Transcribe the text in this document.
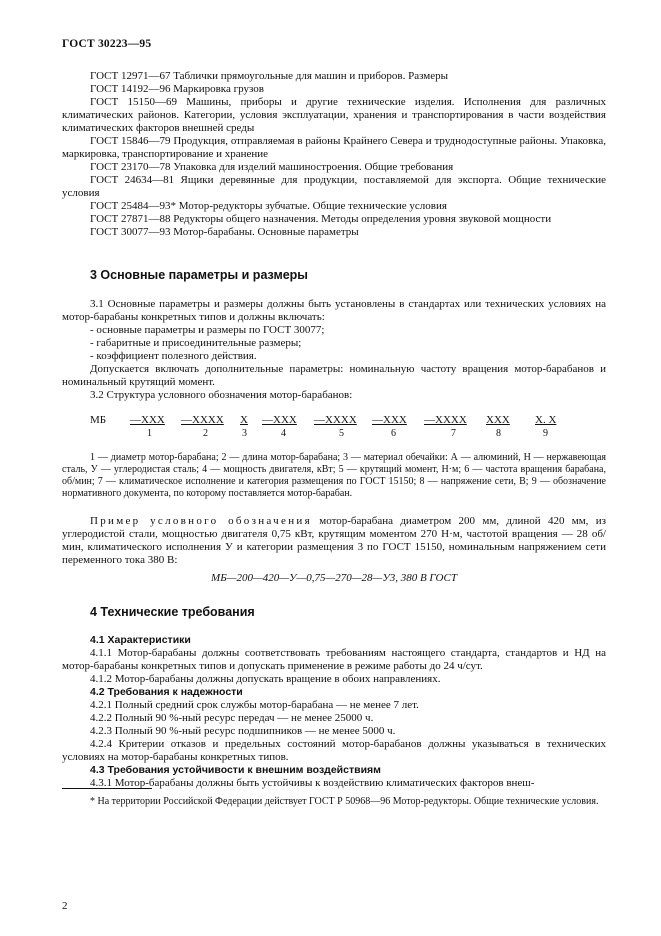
ГОСТ 30223—95

ГОСТ 12971—67 Таблички прямоугольные для машин и приборов. Размеры

ГОСТ 14192—96 Маркировка грузов

ГОСТ 15150—69 Машины, приборы и другие технические изделия. Исполнения для различных климатических районов. Категории, условия эксплуатации, хранения и транспортирования в части воздействия климатических факторов внешней среды

ГОСТ 15846—79 Продукция, отправляемая в районы Крайнего Севера и труднодоступные районы. Упаковка, маркировка, транспортирование и хранение

ГОСТ 23170—78 Упаковка для изделий машиностроения. Общие требования

ГОСТ 24634—81 Ящики деревянные для продукции, поставляемой для экспорта. Общие технические условия

ГОСТ 25484—93* Мотор-редукторы зубчатые. Общие технические условия

ГОСТ 27871—88 Редукторы общего назначения. Методы определения уровня звуковой мощности

ГОСТ 30077—93 Мотор-барабаны. Основные параметры

3 Основные параметры и размеры

3.1 Основные параметры и размеры должны быть установлены в стандартах или технических условиях на мотор-барабаны конкретных типов и должны включать:

- основные параметры и размеры по ГОСТ 30077;

- габаритные и присоединительные размеры;

- коэффициент полезного действия.

Допускается включать дополнительные параметры: номинальную частоту вращения мотор-барабанов и номинальный крутящий момент.

3.2 Структура условного обозначения мотор-барабанов:

МБ —XXX —XXXX X —XXX —XXXX —XXX —XXXX XXX X. X
1	2	3	4	5	6	7	8	9

1 — диаметр мотор-барабана; 2 — длина мотор-барабана; 3 — материал обечайки: А — алюминий, Н — нержавеющая сталь, У — углеродистая сталь; 4 — мощность двигателя, кВт; 5 — крутящий момент, Н·м; 6 — частота вращения барабана, об/мин; 7 — климатическое исполнение и категория размещения по ГОСТ 15150; 8 — напряжение сети, В; 9 — обозначение нормативного документа, по которому поставляется мотор-барабан.

Пример условного обозначения мотор-барабана диаметром 200 мм, длиной 420 мм, из углеродистой стали, мощностью двигателя 0,75 кВт, крутящим моментом 270 Н·м, частотой вращения — 28 об/мин, климатического исполнения У и категории размещения 3 по ГОСТ 15150, номинальным напряжением сети переменного тока 380 В:

МБ—200—420—У—0,75—270—28—У3, 380 В ГОСТ

4 Технические требования

4.1 Характеристики

4.1.1 Мотор-барабаны должны соответствовать требованиям настоящего стандарта, стандартов и НД на мотор-барабаны конкретных типов и допускать применение в режиме работы до 24 ч/сут.

4.1.2 Мотор-барабаны должны допускать вращение в обоих направлениях.

4.2 Требования к надежности

4.2.1 Полный средний срок службы мотор-барабана — не менее 7 лет.

4.2.2 Полный 90 %-ный ресурс передач — не менее 25000 ч.

4.2.3 Полный 90 %-ный ресурс подшипников — не менее 5000 ч.

4.2.4 Критерии отказов и предельных состояний мотор-барабанов должны указываться в технических условиях на мотор-барабаны конкретных типов.

4.3 Требования устойчивости к внешним воздействиям

4.3.1 Мотор-барабаны должны быть устойчивы к воздействию климатических факторов внеш-

* На территории Российской Федерации действует ГОСТ Р 50968—96 Мотор-редукторы. Общие технические условия.

2
